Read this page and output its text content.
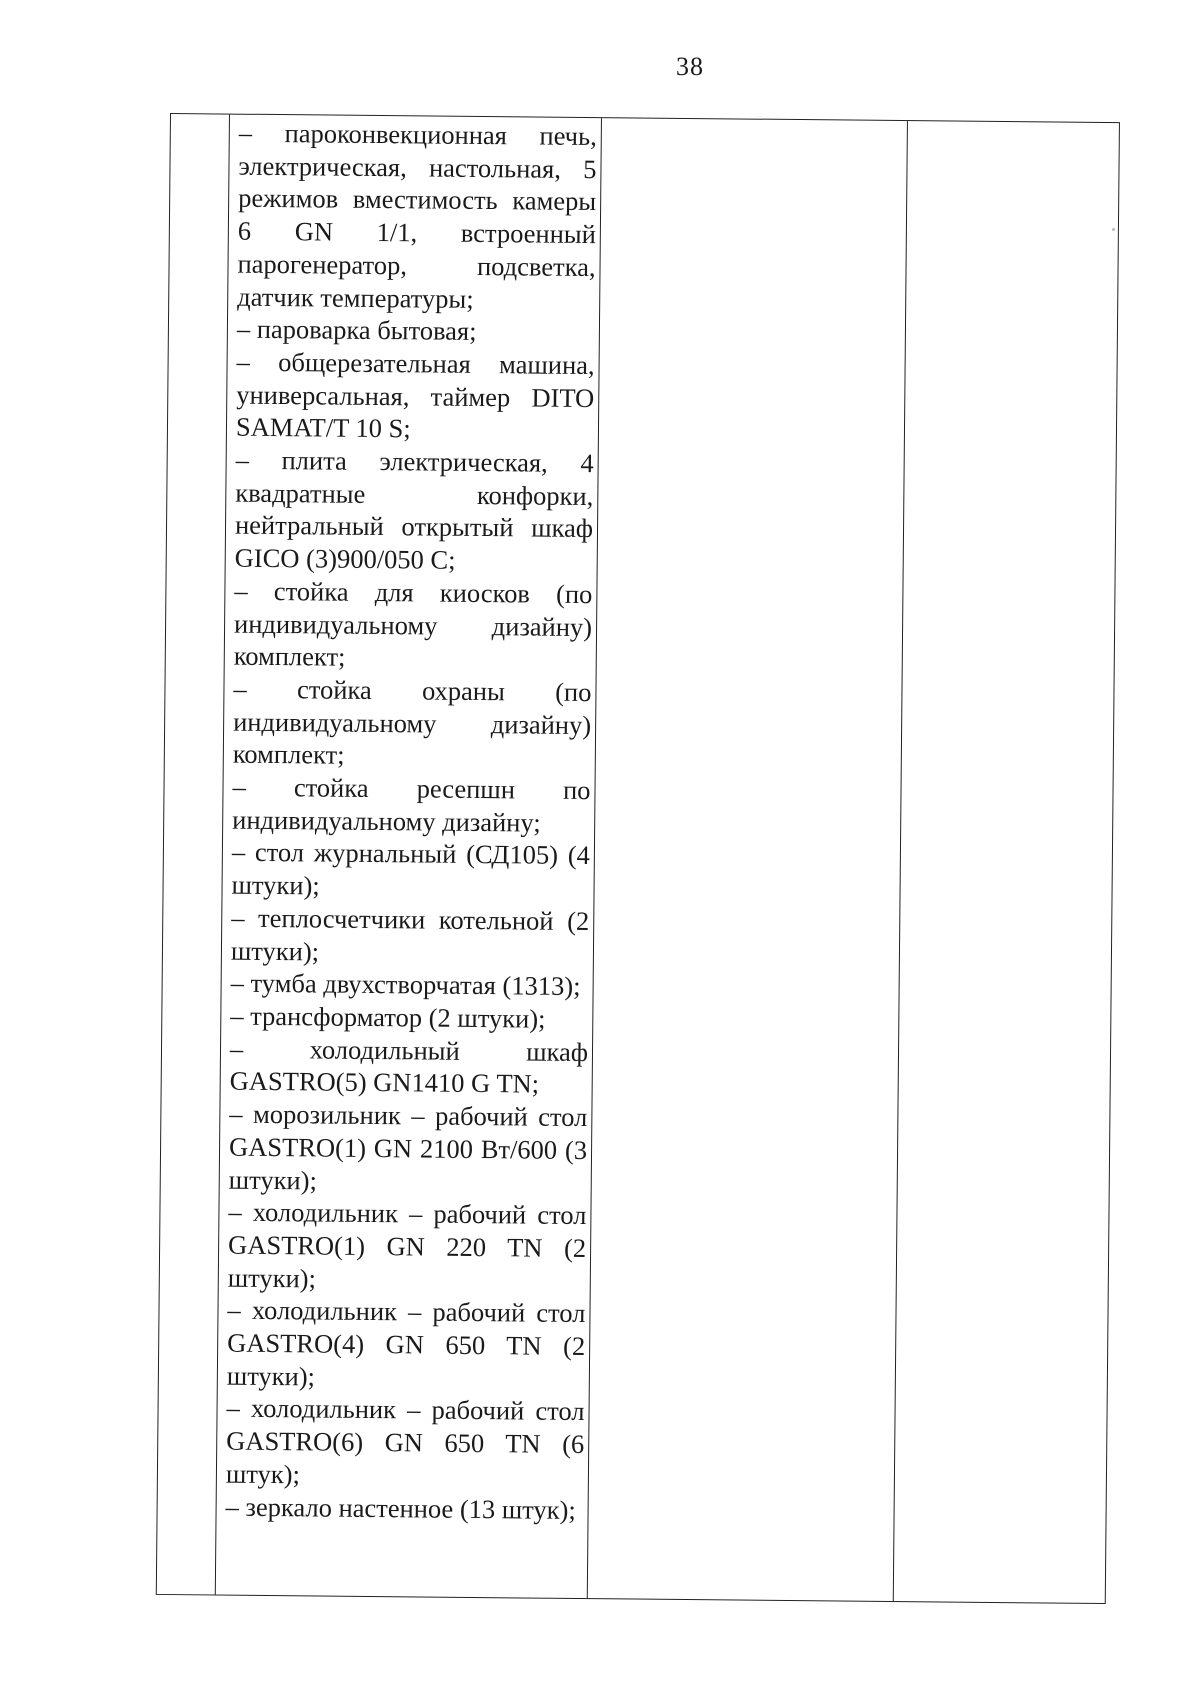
38
– пароконвекционная печь, электрическая, настольная, 5 режимов вместимость камеры 6 GN 1/1, встроенный парогенератор, подсветка, датчик температуры;
– пароварка бытовая;
– общерезательная машина, универсальная, таймер DITO SAMAT/T 10 S;
– плита электрическая, 4 квадратные конфорки, нейтральный открытый шкаф GICO (3)900/050 C;
– стойка для киосков (по индивидуальному дизайну) комплект;
– стойка охраны (по индивидуальному дизайну) комплект;
– стойка ресепшн по индивидуальному дизайну;
– стол журнальный (СД105) (4 штуки);
– теплосчетчики котельной (2 штуки);
– тумба двухстворчатая (1313);
– трансформатор (2 штуки);
– холодильный шкаф GASTRO(5) GN1410 G TN;
– морозильник – рабочий стол GASTRO(1) GN 2100 Вт/600 (3 штуки);
– холодильник – рабочий стол GASTRO(1) GN 220 TN (2 штуки);
– холодильник – рабочий стол GASTRO(4) GN 650 TN (2 штуки);
– холодильник – рабочий стол GASTRO(6) GN 650 TN (6 штук);
– зеркало настенное (13 штук);
